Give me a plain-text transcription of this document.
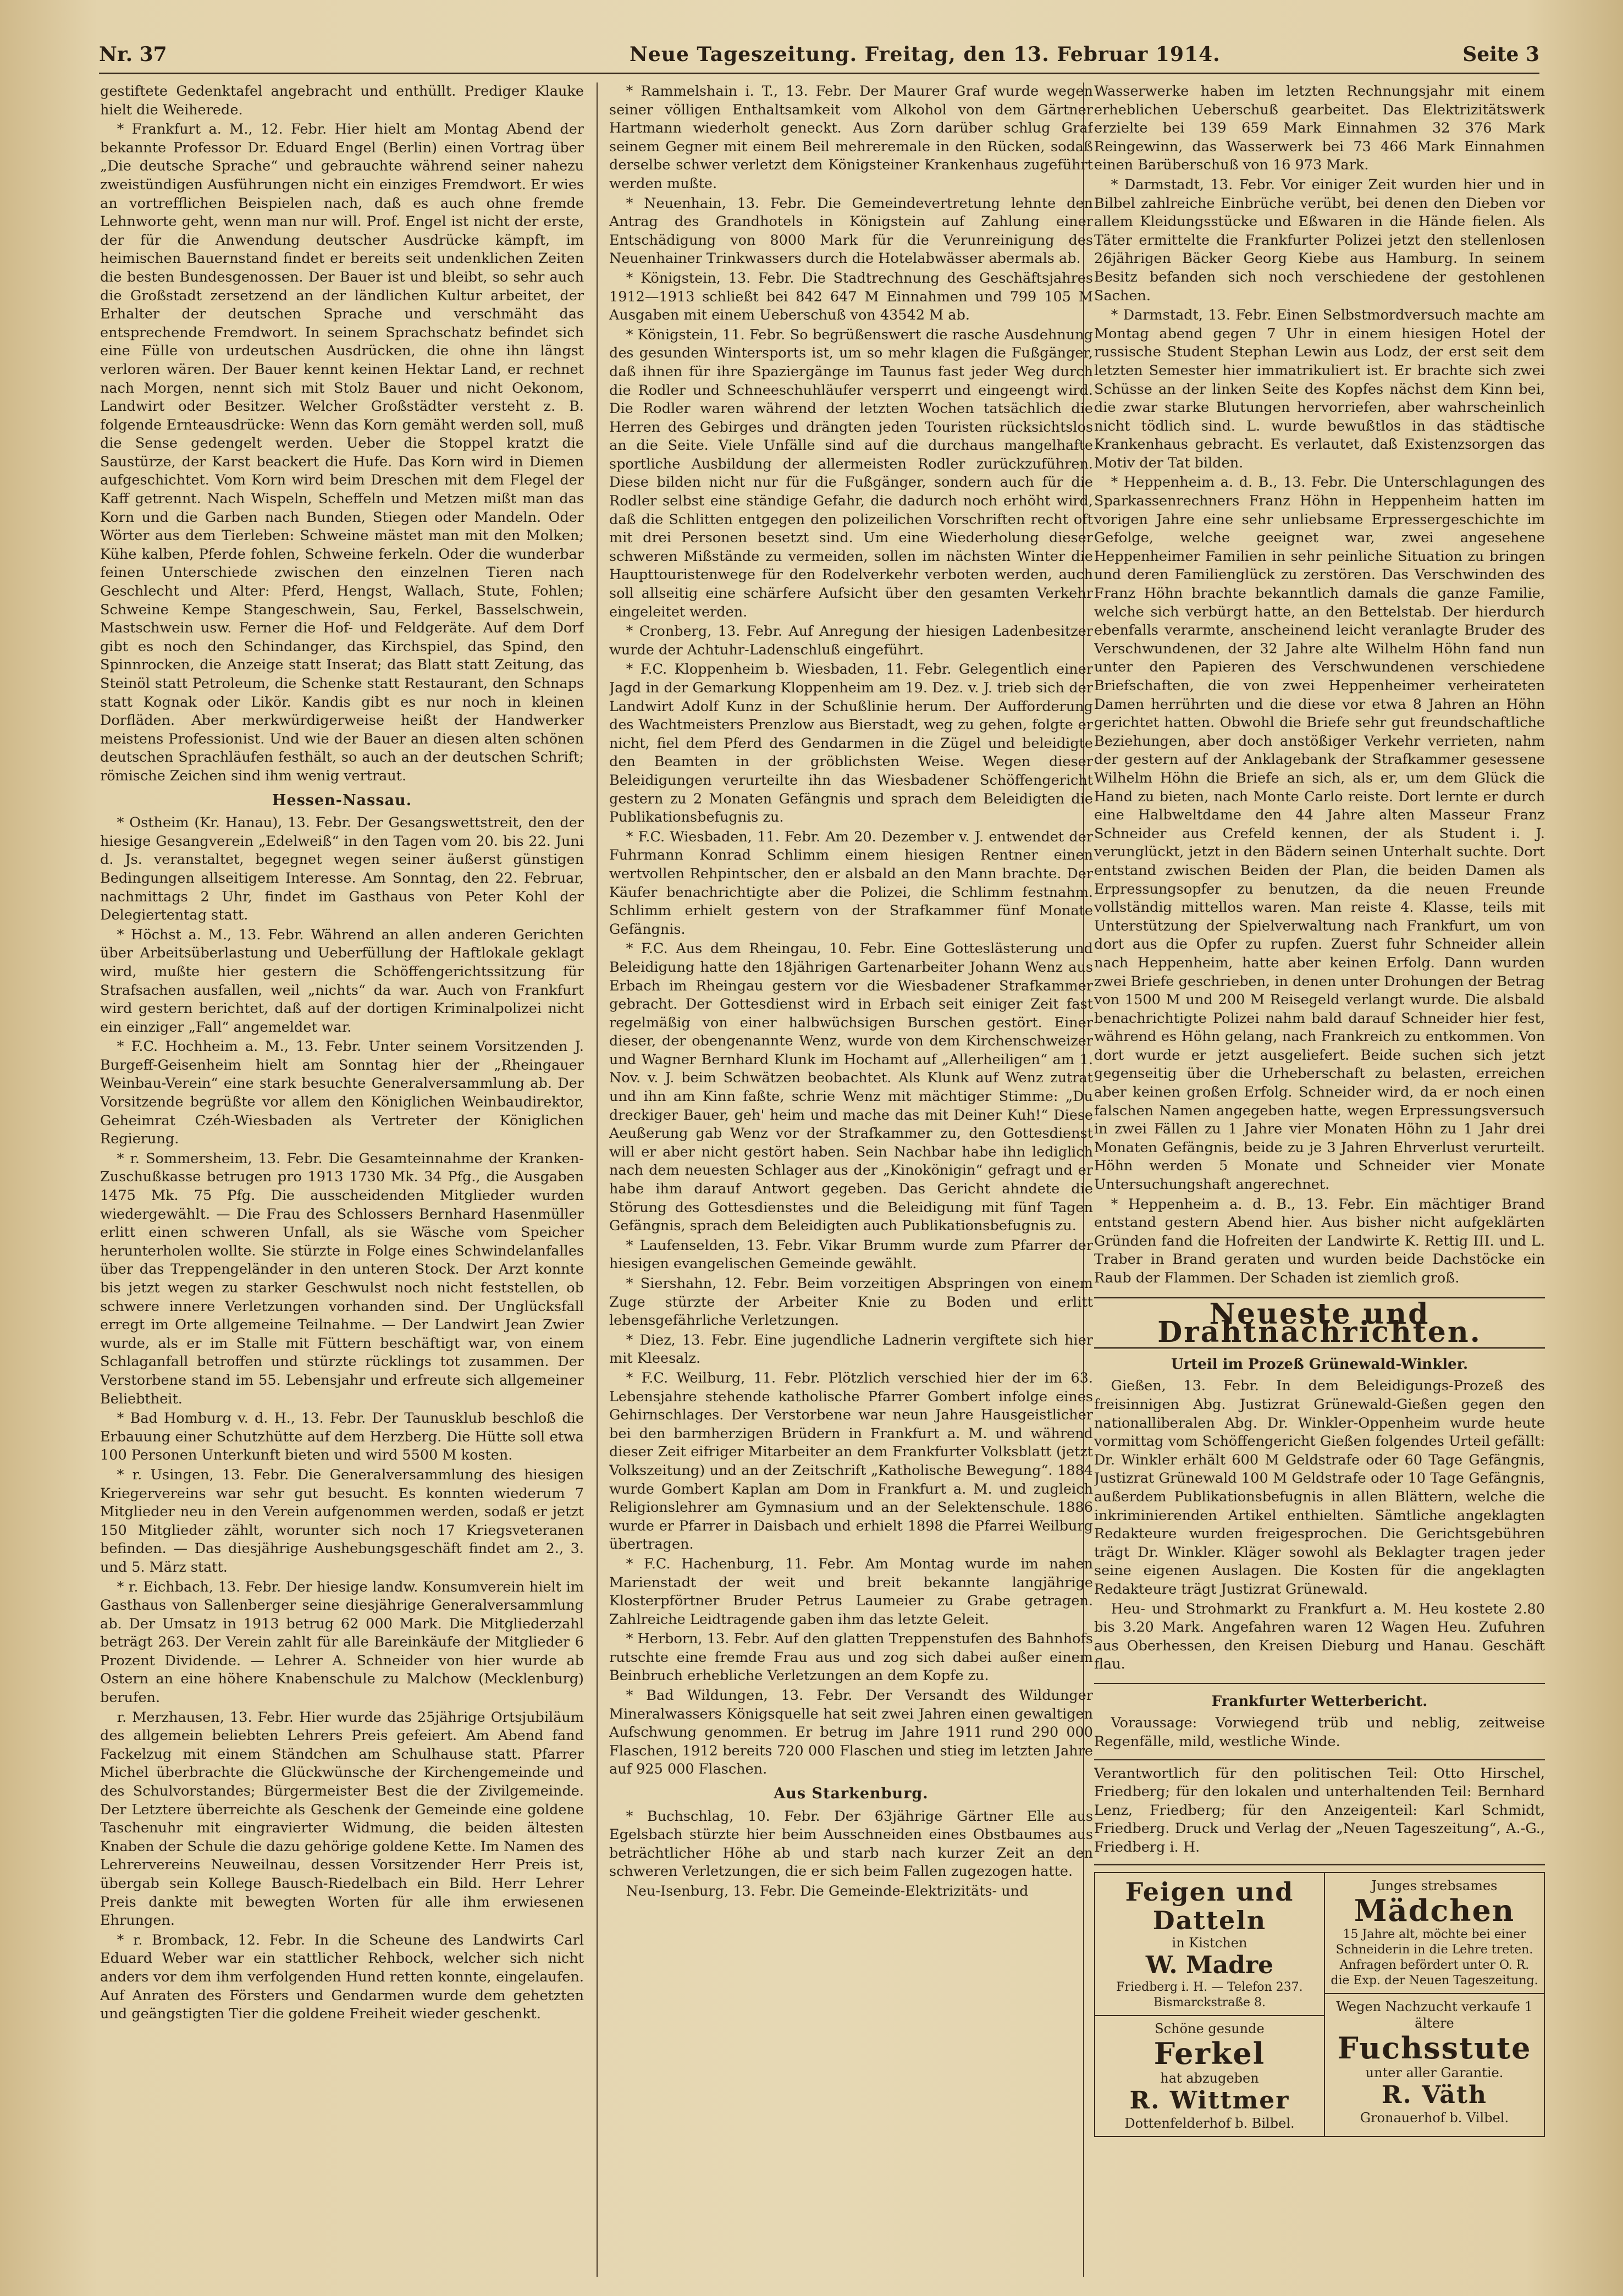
Nr. 37	Neue Tageszeitung. Freitag, den 13. Februar 1914.	Seite 3

gestiftete Gedenktafel angebracht und enthüllt. Prediger Klauke hielt die Weiherede.

* Frankfurt a. M., 12. Febr. Hier hielt am Montag Abend der bekannte Professor Dr. Eduard Engel (Berlin) einen Vortrag über „Die deutsche Sprache“ und gebrauchte während seiner nahezu zweistündigen Ausführungen nicht ein einziges Fremdwort. Er wies an vortrefflichen Beispielen nach, daß es auch ohne fremde Lehnworte geht, wenn man nur will. Prof. Engel ist nicht der erste, der für die Anwendung deutscher Ausdrücke kämpft, im heimischen Bauernstand findet er bereits seit undenklichen Zeiten die besten Bundesgenossen. Der Bauer ist und bleibt, so sehr auch die Großstadt zersetzend an der ländlichen Kultur arbeitet, der Erhalter der deutschen Sprache und verschmäht das entsprechende Fremdwort. In seinem Sprachschatz befindet sich eine Fülle von urdeutschen Ausdrücken, die ohne ihn längst verloren wären. Der Bauer kennt keinen Hektar Land, er rechnet nach Morgen, nennt sich mit Stolz Bauer und nicht Oekonom, Landwirt oder Besitzer. Welcher Großstädter versteht z. B. folgende Ernteausdrücke: Wenn das Korn gemäht werden soll, muß die Sense gedengelt werden. Ueber die Stoppel kratzt die Saustürze, der Karst beackert die Hufe. Das Korn wird in Diemen aufgeschichtet. Vom Korn wird beim Dreschen mit dem Flegel der Kaff getrennt. Nach Wispeln, Scheffeln und Metzen mißt man das Korn und die Garben nach Bunden, Stiegen oder Mandeln. Oder Wörter aus dem Tierleben: Schweine mästet man mit den Molken; Kühe kalben, Pferde fohlen, Schweine ferkeln. Oder die wunderbar feinen Unterschiede zwischen den einzelnen Tieren nach Geschlecht und Alter: Pferd, Hengst, Wallach, Stute, Fohlen; Schweine Kempe Stangeschwein, Sau, Ferkel, Basselschwein, Mastschwein usw. Ferner die Hof- und Feldgeräte. Auf dem Dorf gibt es noch den Schindanger, das Kirchspiel, das Spind, den Spinnrocken, die Anzeige statt Inserat; das Blatt statt Zeitung, das Steinöl statt Petroleum, die Schenke statt Restaurant, den Schnaps statt Kognak oder Likör. Kandis gibt es nur noch in kleinen Dorfläden. Aber merkwürdigerweise heißt der Handwerker meistens Professionist. Und wie der Bauer an diesen alten schönen deutschen Sprachläufen festhält, so auch an der deutschen Schrift; römische Zeichen sind ihm wenig vertraut.

Hessen-Nassau.

* Ostheim (Kr. Hanau), 13. Febr. Der Gesangswettstreit, den der hiesige Gesangverein „Edelweiß“ in den Tagen vom 20. bis 22. Juni d. Js. veranstaltet, begegnet wegen seiner äußerst günstigen Bedingungen allseitigem Interesse. Am Sonntag, den 22. Februar, nachmittags 2 Uhr, findet im Gasthaus von Peter Kohl der Delegiertentag statt.

* Höchst a. M., 13. Febr. Während an allen anderen Gerichten über Arbeitsüberlastung und Ueberfüllung der Haftlokale geklagt wird, mußte hier gestern die Schöffengerichtssitzung für Strafsachen ausfallen, weil „nichts“ da war. Auch von Frankfurt wird gestern berichtet, daß auf der dortigen Kriminalpolizei nicht ein einziger „Fall“ angemeldet war.

* F.C. Hochheim a. M., 13. Febr. Unter seinem Vorsitzenden J. Burgeff-Geisenheim hielt am Sonntag hier der „Rheingauer Weinbau-Verein“ eine stark besuchte Generalversammlung ab. Der Vorsitzende begrüßte vor allem den Königlichen Weinbaudirektor, Geheimrat Czéh-Wiesbaden als Vertreter der Königlichen Regierung.

* r. Sommersheim, 13. Febr. Die Gesamteinnahme der Kranken-Zuschußkasse betrugen pro 1913 1730 Mk. 34 Pfg., die Ausgaben 1475 Mk. 75 Pfg. Die ausscheidenden Mitglieder wurden wiedergewählt. — Die Frau des Schlossers Bernhard Hasenmüller erlitt einen schweren Unfall, als sie Wäsche vom Speicher herunterholen wollte. Sie stürzte in Folge eines Schwindelanfalles über das Treppengeländer in den unteren Stock. Der Arzt konnte bis jetzt wegen zu starker Geschwulst noch nicht feststellen, ob schwere innere Verletzungen vorhanden sind. Der Unglücksfall erregt im Orte allgemeine Teilnahme. — Der Landwirt Jean Zwier wurde, als er im Stalle mit Füttern beschäftigt war, von einem Schlaganfall betroffen und stürzte rücklings tot zusammen. Der Verstorbene stand im 55. Lebensjahr und erfreute sich allgemeiner Beliebtheit.

* Bad Homburg v. d. H., 13. Febr. Der Taunusklub beschloß die Erbauung einer Schutzhütte auf dem Herzberg. Die Hütte soll etwa 100 Personen Unterkunft bieten und wird 5500 M kosten.

* r. Usingen, 13. Febr. Die Generalversammlung des hiesigen Kriegervereins war sehr gut besucht. Es konnten wiederum 7 Mitglieder neu in den Verein aufgenommen werden, sodaß er jetzt 150 Mitglieder zählt, worunter sich noch 17 Kriegsveteranen befinden. — Das diesjährige Aushebungsgeschäft findet am 2., 3. und 5. März statt.

* r. Eichbach, 13. Febr. Der hiesige landw. Konsumverein hielt im Gasthaus von Sallenberger seine diesjährige Generalversammlung ab. Der Umsatz in 1913 betrug 62 000 Mark. Die Mitgliederzahl beträgt 263. Der Verein zahlt für alle Bareinkäufe der Mitglieder 6 Prozent Dividende. — Lehrer A. Schneider von hier wurde ab Ostern an eine höhere Knabenschule zu Malchow (Mecklenburg) berufen.

r. Merzhausen, 13. Febr. Hier wurde das 25jährige Ortsjubiläum des allgemein beliebten Lehrers Preis gefeiert. Am Abend fand Fackelzug mit einem Ständchen am Schulhause statt. Pfarrer Michel überbrachte die Glückwünsche der Kirchengemeinde und des Schulvorstandes; Bürgermeister Best die der Zivilgemeinde. Der Letztere überreichte als Geschenk der Gemeinde eine goldene Taschenuhr mit eingravierter Widmung, die beiden ältesten Knaben der Schule die dazu gehörige goldene Kette. Im Namen des Lehrervereins Neuweilnau, dessen Vorsitzender Herr Preis ist, übergab sein Kollege Bausch-Riedelbach ein Bild. Herr Lehrer Preis dankte mit bewegten Worten für alle ihm erwiesenen Ehrungen.

* r. Bromback, 12. Febr. In die Scheune des Landwirts Carl Eduard Weber war ein stattlicher Rehbock, welcher sich nicht anders vor dem ihm verfolgenden Hund retten konnte, eingelaufen. Auf Anraten des Försters und Gendarmen wurde dem gehetzten und geängstigten Tier die goldene Freiheit wieder geschenkt.

* Rammelshain i. T., 13. Febr. Der Maurer Graf wurde wegen seiner völligen Enthaltsamkeit vom Alkohol von dem Gärtner Hartmann wiederholt geneckt. Aus Zorn darüber schlug Graf seinem Gegner mit einem Beil mehreremale in den Rücken, sodaß derselbe schwer verletzt dem Königsteiner Krankenhaus zugeführt werden mußte.

* Neuenhain, 13. Febr. Die Gemeindevertretung lehnte den Antrag des Grandhotels in Königstein auf Zahlung einer Entschädigung von 8000 Mark für die Verunreinigung des Neuenhainer Trinkwassers durch die Hotelabwässer abermals ab.

* Königstein, 13. Febr. Die Stadtrechnung des Geschäftsjahres 1912—1913 schließt bei 842 647 M Einnahmen und 799 105 M Ausgaben mit einem Ueberschuß von 43542 M ab.

* Königstein, 11. Febr. So begrüßenswert die rasche Ausdehnung des gesunden Wintersports ist, um so mehr klagen die Fußgänger, daß ihnen für ihre Spaziergänge im Taunus fast jeder Weg durch die Rodler und Schneeschuhläufer versperrt und eingeengt wird. Die Rodler waren während der letzten Wochen tatsächlich die Herren des Gebirges und drängten jeden Touristen rücksichtslos an die Seite. Viele Unfälle sind auf die durchaus mangelhafte sportliche Ausbildung der allermeisten Rodler zurückzuführen. Diese bilden nicht nur für die Fußgänger, sondern auch für die Rodler selbst eine ständige Gefahr, die dadurch noch erhöht wird, daß die Schlitten entgegen den polizeilichen Vorschriften recht oft mit drei Personen besetzt sind. Um eine Wiederholung dieser schweren Mißstände zu vermeiden, sollen im nächsten Winter die Haupttouristenwege für den Rodelverkehr verboten werden, auch soll allseitig eine schärfere Aufsicht über den gesamten Verkehr eingeleitet werden.

* Cronberg, 13. Febr. Auf Anregung der hiesigen Ladenbesitzer wurde der Achtuhr-Ladenschluß eingeführt.

* F.C. Kloppenheim b. Wiesbaden, 11. Febr. Gelegentlich einer Jagd in der Gemarkung Kloppenheim am 19. Dez. v. J. trieb sich der Landwirt Adolf Kunz in der Schußlinie herum. Der Aufforderung des Wachtmeisters Prenzlow aus Bierstadt, weg zu gehen, folgte er nicht, fiel dem Pferd des Gendarmen in die Zügel und beleidigte den Beamten in der gröblichsten Weise. Wegen dieser Beleidigungen verurteilte ihn das Wiesbadener Schöffengericht gestern zu 2 Monaten Gefängnis und sprach dem Beleidigten die Publikationsbefugnis zu.

* F.C. Wiesbaden, 11. Febr. Am 20. Dezember v. J. entwendet der Fuhrmann Konrad Schlimm einem hiesigen Rentner einen wertvollen Rehpintscher, den er alsbald an den Mann brachte. Der Käufer benachrichtigte aber die Polizei, die Schlimm festnahm. Schlimm erhielt gestern von der Strafkammer fünf Monate Gefängnis.

* F.C. Aus dem Rheingau, 10. Febr. Eine Gotteslästerung und Beleidigung hatte den 18jährigen Gartenarbeiter Johann Wenz aus Erbach im Rheingau gestern vor die Wiesbadener Strafkammer gebracht. Der Gottesdienst wird in Erbach seit einiger Zeit fast regelmäßig von einer halbwüchsigen Burschen gestört. Einer dieser, der obengenannte Wenz, wurde von dem Kirchenschweizer und Wagner Bernhard Klunk im Hochamt auf „Allerheiligen“ am 1. Nov. v. J. beim Schwätzen beobachtet. Als Klunk auf Wenz zutrat und ihn am Kinn faßte, schrie Wenz mit mächtiger Stimme: „Du dreckiger Bauer, geh' heim und mache das mit Deiner Kuh!“ Diese Aeußerung gab Wenz vor der Strafkammer zu, den Gottesdienst will er aber nicht gestört haben. Sein Nachbar habe ihn lediglich nach dem neuesten Schlager aus der „Kinokönigin“ gefragt und er habe ihm darauf Antwort gegeben. Das Gericht ahndete die Störung des Gottesdienstes und die Beleidigung mit fünf Tagen Gefängnis, sprach dem Beleidigten auch Publikationsbefugnis zu.

* Laufenselden, 13. Febr. Vikar Brumm wurde zum Pfarrer der hiesigen evangelischen Gemeinde gewählt.

* Siershahn, 12. Febr. Beim vorzeitigen Abspringen von einem Zuge stürzte der Arbeiter Knie zu Boden und erlitt lebensgefährliche Verletzungen.

* Diez, 13. Febr. Eine jugendliche Ladnerin vergiftete sich hier mit Kleesalz.

* F.C. Weilburg, 11. Febr. Plötzlich verschied hier der im 63. Lebensjahre stehende katholische Pfarrer Gombert infolge eines Gehirnschlages. Der Verstorbene war neun Jahre Hausgeistlicher bei den barmherzigen Brüdern in Frankfurt a. M. und während dieser Zeit eifriger Mitarbeiter an dem Frankfurter Volksblatt (jetzt Volkszeitung) und an der Zeitschrift „Katholische Bewegung“. 1884 wurde Gombert Kaplan am Dom in Frankfurt a. M. und zugleich Religionslehrer am Gymnasium und an der Selektenschule. 1886 wurde er Pfarrer in Daisbach und erhielt 1898 die Pfarrei Weilburg übertragen.

* F.C. Hachenburg, 11. Febr. Am Montag wurde im nahen Marienstadt der weit und breit bekannte langjährige Klosterpförtner Bruder Petrus Laumeier zu Grabe getragen. Zahlreiche Leidtragende gaben ihm das letzte Geleit.

* Herborn, 13. Febr. Auf den glatten Treppenstufen des Bahnhofs rutschte eine fremde Frau aus und zog sich dabei außer einem Beinbruch erhebliche Verletzungen an dem Kopfe zu.

* Bad Wildungen, 13. Febr. Der Versandt des Wildunger Mineralwassers Königsquelle hat seit zwei Jahren einen gewaltigen Aufschwung genommen. Er betrug im Jahre 1911 rund 290 000 Flaschen, 1912 bereits 720 000 Flaschen und stieg im letzten Jahre auf 925 000 Flaschen.

Aus Starkenburg.

* Buchschlag, 10. Febr. Der 63jährige Gärtner Elle aus Egelsbach stürzte hier beim Ausschneiden eines Obstbaumes aus beträchtlicher Höhe ab und starb nach kurzer Zeit an den schweren Verletzungen, die er sich beim Fallen zugezogen hatte.

Neu-Isenburg, 13. Febr. Die Gemeinde-Elektrizitäts- und

Wasserwerke haben im letzten Rechnungsjahr mit einem erheblichen Ueberschuß gearbeitet. Das Elektrizitätswerk erzielte bei 139 659 Mark Einnahmen 32 376 Mark Reingewinn, das Wasserwerk bei 73 466 Mark Einnahmen einen Barüberschuß von 16 973 Mark.

* Darmstadt, 13. Febr. Vor einiger Zeit wurden hier und in Bilbel zahlreiche Einbrüche verübt, bei denen den Dieben vor allem Kleidungsstücke und Eßwaren in die Hände fielen. Als Täter ermittelte die Frankfurter Polizei jetzt den stellenlosen 26jährigen Bäcker Georg Kiebe aus Hamburg. In seinem Besitz befanden sich noch verschiedene der gestohlenen Sachen.

* Darmstadt, 13. Febr. Einen Selbstmordversuch machte am Montag abend gegen 7 Uhr in einem hiesigen Hotel der russische Student Stephan Lewin aus Lodz, der erst seit dem letzten Semester hier immatrikuliert ist. Er brachte sich zwei Schüsse an der linken Seite des Kopfes nächst dem Kinn bei, die zwar starke Blutungen hervorriefen, aber wahrscheinlich nicht tödlich sind. L. wurde bewußtlos in das städtische Krankenhaus gebracht. Es verlautet, daß Existenzsorgen das Motiv der Tat bilden.

* Heppenheim a. d. B., 13. Febr. Die Unterschlagungen des Sparkassenrechners Franz Höhn in Heppenheim hatten im vorigen Jahre eine sehr unliebsame Erpressergeschichte im Gefolge, welche geeignet war, zwei angesehene Heppenheimer Familien in sehr peinliche Situation zu bringen und deren Familienglück zu zerstören. Das Verschwinden des Franz Höhn brachte bekanntlich damals die ganze Familie, welche sich verbürgt hatte, an den Bettelstab. Der hierdurch ebenfalls verarmte, anscheinend leicht veranlagte Bruder des Verschwundenen, der 32 Jahre alte Wilhelm Höhn fand nun unter den Papieren des Verschwundenen verschiedene Briefschaften, die von zwei Heppenheimer verheirateten Damen herrührten und die diese vor etwa 8 Jahren an Höhn gerichtet hatten. Obwohl die Briefe sehr gut freundschaftliche Beziehungen, aber doch anstößiger Verkehr verrieten, nahm der gestern auf der Anklagebank der Strafkammer gesessene Wilhelm Höhn die Briefe an sich, als er, um dem Glück die Hand zu bieten, nach Monte Carlo reiste. Dort lernte er durch eine Halbweltdame den 44 Jahre alten Masseur Franz Schneider aus Crefeld kennen, der als Student i. J. verunglückt, jetzt in den Bädern seinen Unterhalt suchte. Dort entstand zwischen Beiden der Plan, die beiden Damen als Erpressungsopfer zu benutzen, da die neuen Freunde vollständig mittellos waren. Man reiste 4. Klasse, teils mit Unterstützung der Spielverwaltung nach Frankfurt, um von dort aus die Opfer zu rupfen. Zuerst fuhr Schneider allein nach Heppenheim, hatte aber keinen Erfolg. Dann wurden zwei Briefe geschrieben, in denen unter Drohungen der Betrag von 1500 M und 200 M Reisegeld verlangt wurde. Die alsbald benachrichtigte Polizei nahm bald darauf Schneider hier fest, während es Höhn gelang, nach Frankreich zu entkommen. Von dort wurde er jetzt ausgeliefert. Beide suchen sich jetzt gegenseitig über die Urheberschaft zu belasten, erreichen aber keinen großen Erfolg. Schneider wird, da er noch einen falschen Namen angegeben hatte, wegen Erpressungsversuch in zwei Fällen zu 1 Jahre vier Monaten Höhn zu 1 Jahr drei Monaten Gefängnis, beide zu je 3 Jahren Ehrverlust verurteilt. Höhn werden 5 Monate und Schneider vier Monate Untersuchungshaft angerechnet.

* Heppenheim a. d. B., 13. Febr. Ein mächtiger Brand entstand gestern Abend hier. Aus bisher nicht aufgeklärten Gründen fand die Hofreiten der Landwirte K. Rettig III. und L. Traber in Brand geraten und wurden beide Dachstöcke ein Raub der Flammen. Der Schaden ist ziemlich groß.

Neueste und Drahtnachrichten.
Urteil im Prozeß Grünewald-Winkler.

Gießen, 13. Febr. In dem Beleidigungs-Prozeß des freisinnigen Abg. Justizrat Grünewald-Gießen gegen den nationalliberalen Abg. Dr. Winkler-Oppenheim wurde heute vormittag vom Schöffengericht Gießen folgendes Urteil gefällt: Dr. Winkler erhält 600 M Geldstrafe oder 60 Tage Gefängnis, Justizrat Grünewald 100 M Geldstrafe oder 10 Tage Gefängnis, außerdem Publikationsbefugnis in allen Blättern, welche die inkriminierenden Artikel enthielten. Sämtliche angeklagten Redakteure wurden freigesprochen. Die Gerichtsgebühren trägt Dr. Winkler. Kläger sowohl als Beklagter tragen jeder seine eigenen Auslagen. Die Kosten für die angeklagten Redakteure trägt Justizrat Grünewald.

Heu- und Strohmarkt zu Frankfurt a. M. Heu kostete 2.80 bis 3.20 Mark. Angefahren waren 12 Wagen Heu. Zufuhren aus Oberhessen, den Kreisen Dieburg und Hanau. Geschäft flau.

Frankfurter Wetterbericht.

Voraussage: Vorwiegend trüb und neblig, zeitweise Regenfälle, mild, westliche Winde.

Verantwortlich für den politischen Teil: Otto Hirschel, Friedberg; für den lokalen und unterhaltenden Teil: Bernhard Lenz, Friedberg; für den Anzeigenteil: Karl Schmidt, Friedberg. Druck und Verlag der „Neuen Tageszeitung“, A.-G., Friedberg i. H.

Feigen und Datteln
in Kistchen
W. Madre
Friedberg i. H. — Telefon 237. Bismarckstraße 8.
Schöne gesunde
Ferkel
hat abzugeben
R. Wittmer
Dottenfelderhof b. Bilbel.
Junges strebsames
Mädchen
15 Jahre alt, möchte bei einer Schneiderin in die Lehre treten. Anfragen befördert unter O. R. die Exp. der Neuen Tageszeitung.
Wegen Nachzucht verkaufe 1 ältere
Fuchsstute
unter aller Garantie.
R. Väth
Gronauerhof b. Vilbel.
